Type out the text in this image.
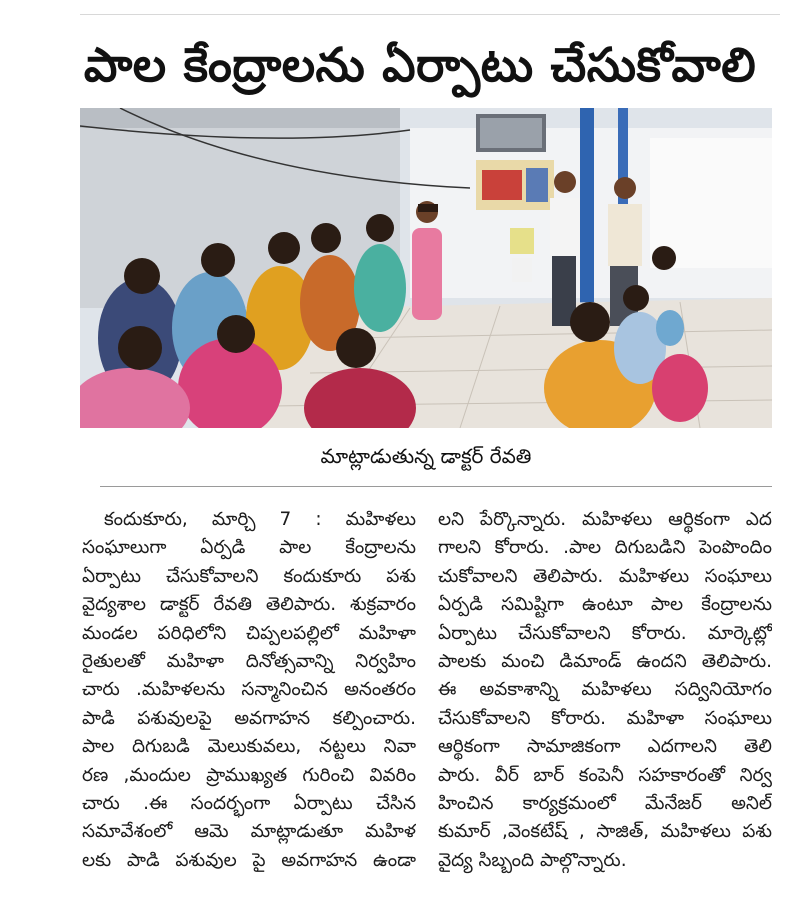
పాల కేంద్రాలను ఏర్పాటు చేసుకోవాలి
మాట్లాడుతున్న డాక్టర్ రేవతి
కందుకూరు, మార్చి 7 : మహిళలు
సంఘాలుగా ఏర్పడి పాల కేంద్రాలను
ఏర్పాటు చేసుకోవాలని కందుకూరు పశు
వైద్యశాల డాక్టర్ రేవతి తెలిపారు. శుక్రవారం
మండల పరిధిలోని చిప్పలపల్లిలో మహిళా
రైతులతో మహిళా దినోత్సవాన్ని నిర్వహిం
చారు .మహిళలను సన్మానించిన అనంతరం
పాడి పశువులపై అవగాహన కల్పించారు.
పాల దిగుబడి మెలుకువలు, నట్టలు నివా
రణ ,మందుల ప్రాముఖ్యత గురించి వివరిం
చారు .ఈ సందర్భంగా ఏర్పాటు చేసిన
సమావేశంలో ఆమె మాట్లాడుతూ మహిళ
లకు పాడి పశువుల పై అవగాహన ఉండా
లని పేర్కొన్నారు. మహిళలు ఆర్థికంగా ఎద
గాలని కోరారు. .పాల దిగుబడిని పెంపొందిం
చుకోవాలని తెలిపారు. మహిళలు సంఘాలు
ఏర్పడి సమిష్టిగా ఉంటూ పాల కేంద్రాలను
ఏర్పాటు చేసుకోవాలని కోరారు. మార్కెట్లో
పాలకు మంచి డిమాండ్ ఉందని తెలిపారు.
ఈ అవకాశాన్ని మహిళలు సద్వినియోగం
చేసుకోవాలని కోరారు. మహిళా సంఘాలు
ఆర్థికంగా సామాజికంగా ఎదగాలని తెలి
పారు. వీర్ బార్ కంపెనీ సహకారంతో నిర్వ
హించిన కార్యక్రమంలో మేనేజర్ అనిల్
కుమార్ ,వెంకటేష్ , సాజిత్, మహిళలు పశు
వైద్య సిబ్బంది పాల్గొన్నారు.
